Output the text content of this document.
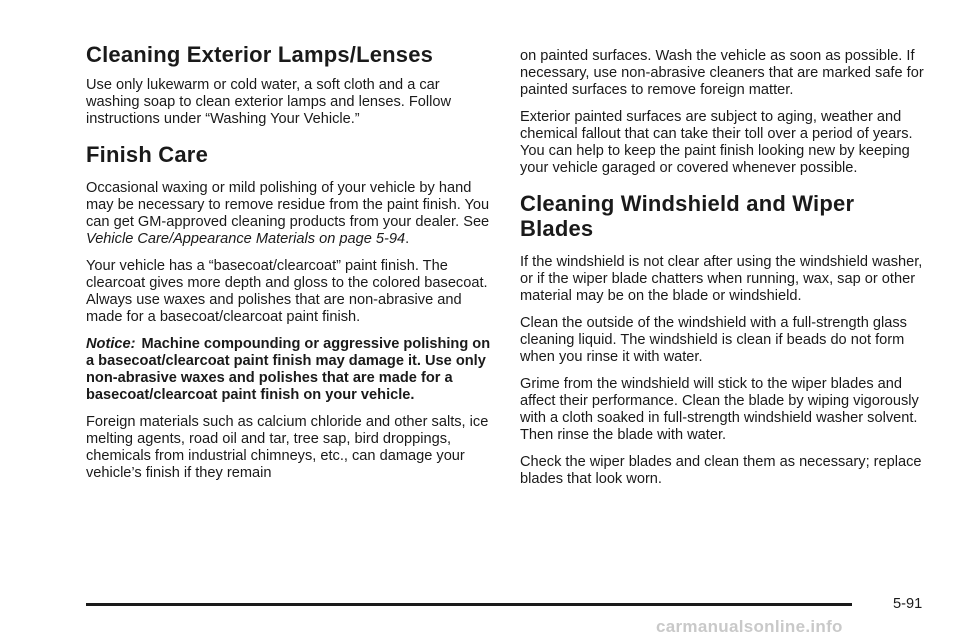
Cleaning Exterior Lamps/Lenses

Use only lukewarm or cold water, a soft cloth and a car washing soap to clean exterior lamps and lenses. Follow instructions under “Washing Your Vehicle.”

Finish Care

Occasional waxing or mild polishing of your vehicle by hand may be necessary to remove residue from the paint finish. You can get GM-approved cleaning products from your dealer. See Vehicle Care/Appearance Materials on page 5-94.

Your vehicle has a “basecoat/clearcoat” paint finish. The clearcoat gives more depth and gloss to the colored basecoat. Always use waxes and polishes that are non-abrasive and made for a basecoat/clearcoat paint finish.

Notice: Machine compounding or aggressive polishing on a basecoat/clearcoat paint finish may damage it. Use only non-abrasive waxes and polishes that are made for a basecoat/clearcoat paint finish on your vehicle.

Foreign materials such as calcium chloride and other salts, ice melting agents, road oil and tar, tree sap, bird droppings, chemicals from industrial chimneys, etc., can damage your vehicle’s finish if they remain

on painted surfaces. Wash the vehicle as soon as possible. If necessary, use non-abrasive cleaners that are marked safe for painted surfaces to remove foreign matter.

Exterior painted surfaces are subject to aging, weather and chemical fallout that can take their toll over a period of years. You can help to keep the paint finish looking new by keeping your vehicle garaged or covered whenever possible.

Cleaning Windshield and Wiper Blades

If the windshield is not clear after using the windshield washer, or if the wiper blade chatters when running, wax, sap or other material may be on the blade or windshield.

Clean the outside of the windshield with a full-strength glass cleaning liquid. The windshield is clean if beads do not form when you rinse it with water.

Grime from the windshield will stick to the wiper blades and affect their performance. Clean the blade by wiping vigorously with a cloth soaked in full-strength windshield washer solvent. Then rinse the blade with water.

Check the wiper blades and clean them as necessary; replace blades that look worn.

5-91
carmanualsonline.info
